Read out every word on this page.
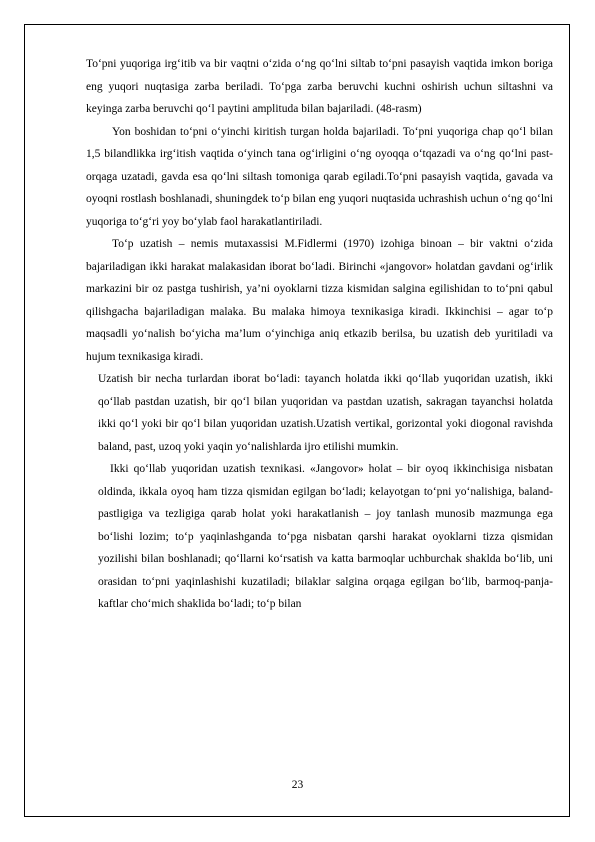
To‘pni yuqoriga irg‘itib va bir vaqtni o‘zida o‘ng qo‘lni siltab to‘pni pasayish vaqtida imkon boriga eng yuqori nuqtasiga zarba beriladi. To‘pga zarba beruvchi kuchni oshirish uchun siltashni va keyinga zarba beruvchi qo‘l paytini amplituda bilan bajariladi. (48-rasm)

Yon boshidan to‘pni o‘yinchi kiritish turgan holda bajariladi. To‘pni yuqoriga chap qo‘l bilan 1,5 bilandlikka irg‘itish vaqtida o‘yinch tana og‘irligini o‘ng oyoqqa o‘tqazadi va o‘ng qo‘lni past-orqaga uzatadi, gavda esa qo‘lni siltash tomoniga qarab egiladi.To‘pni pasayish vaqtida, gavada va oyoqni rostlash boshlanadi, shuningdek to‘p bilan eng yuqori nuqtasida uchrashish uchun o‘ng qo‘lni yuqoriga to‘g‘ri yoy bo‘ylab faol harakatlantiriladi.

To‘p uzatish – nemis mutaxassisi M.Fidlermi (1970) izohiga binoan – bir vaktni o‘zida bajariladigan ikki harakat malakasidan iborat bo‘ladi. Birinchi «jangovor» holatdan gavdani og‘irlik markazini bir oz pastga tushirish, ya’ni oyoklarni tizza kismidan salgina egilishidan to to‘pni qabul qilishgacha bajariladigan malaka. Bu malaka himoya texnikasiga kiradi. Ikkinchisi – agar to‘p maqsadli yo‘nalish bo‘yicha ma’lum o‘yinchiga aniq etkazib berilsa, bu uzatish deb yuritiladi va hujum texnikasiga kiradi.

Uzatish bir necha turlardan iborat bo‘ladi: tayanch holatda ikki qo‘llab yuqoridan uzatish, ikki qo‘llab pastdan uzatish, bir qo‘l bilan yuqoridan va pastdan uzatish, sakragan tayanchsi holatda ikki qo‘l yoki bir qo‘l bilan yuqoridan uzatish.Uzatish vertikal, gorizontal yoki diogonal ravishda baland, past, uzoq yoki yaqin yo‘nalishlarda ijro etilishi mumkin.

Ikki qo‘llab yuqoridan uzatish texnikasi. «Jangovor» holat – bir oyoq ikkinchisiga nisbatan oldinda, ikkala oyoq ham tizza qismidan egilgan bo‘ladi; kelayotgan to‘pni yo‘nalishiga, baland-pastligiga va tezligiga qarab holat yoki harakatlanish – joy tanlash munosib mazmunga ega bo‘lishi lozim; to‘p yaqinlashganda to‘pga nisbatan qarshi harakat oyoklarni tizza qismidan yozilishi bilan boshlanadi; qo‘llarni ko‘rsatish va katta barmoqlar uchburchak shaklda bo‘lib, uni orasidan to‘pni yaqinlashishi kuzatiladi; bilaklar salgina orqaga egilgan bo‘lib, barmoq-panja-kaftlar cho‘mich shaklida bo‘ladi; to‘p bilan

23
